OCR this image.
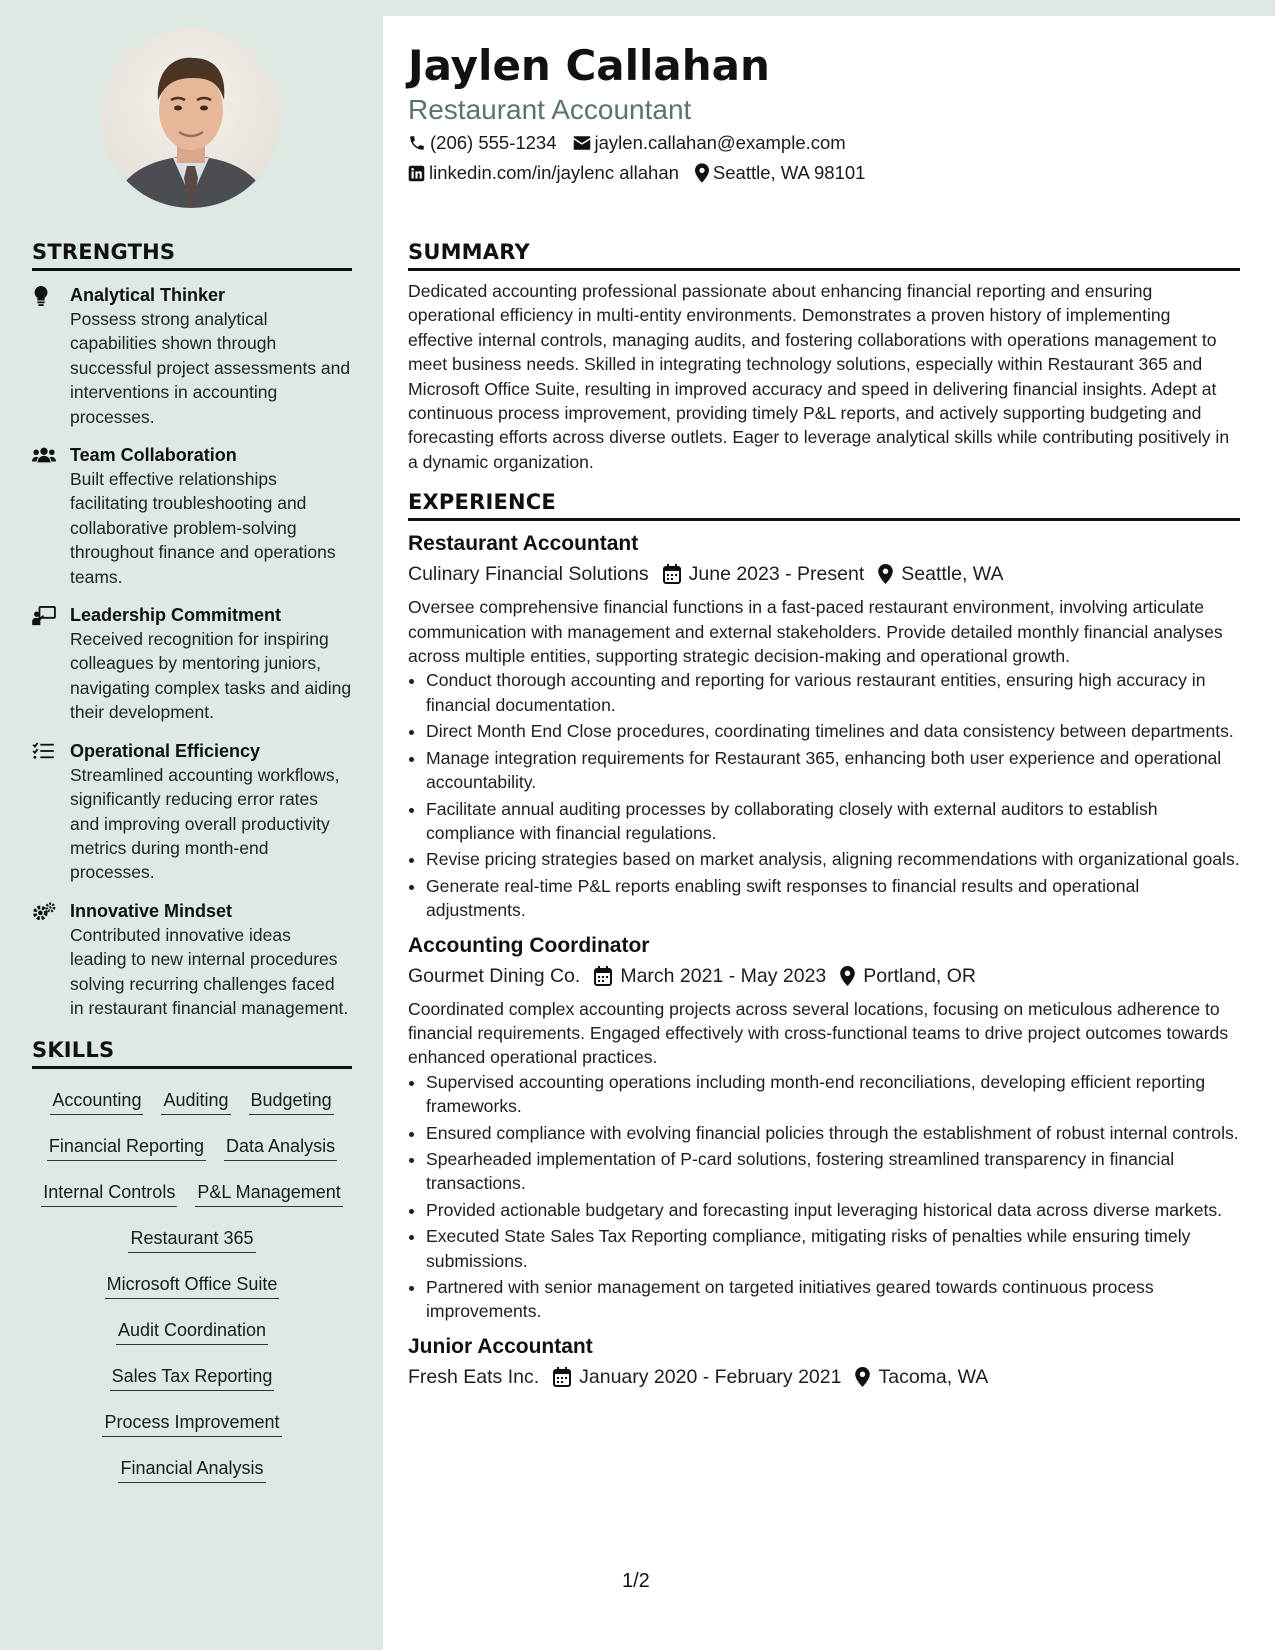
Jaylen Callahan

Restaurant Accountant

(206) 555-1234 jaylen.callahan@example.com
linkedin.com/in/jaylenc allahan Seattle, WA 98101
STRENGTHS
Analytical Thinker
Possess strong analytical capabilities shown through successful project assessments and interventions in accounting processes.
Team Collaboration
Built effective relationships facilitating troubleshooting and collaborative problem-solving throughout finance and operations teams.
Leadership Commitment
Received recognition for inspiring colleagues by mentoring juniors, navigating complex tasks and aiding their development.
Operational Efficiency
Streamlined accounting workflows, significantly reducing error rates and improving overall productivity metrics during month-end processes.
Innovative Mindset
Contributed innovative ideas leading to new internal procedures solving recurring challenges faced in restaurant financial management.
SKILLS
Accounting Auditing Budgeting
Financial Reporting Data Analysis
Internal Controls P&L Management
Restaurant 365
Microsoft Office Suite
Audit Coordination
Sales Tax Reporting
Process Improvement
Financial Analysis
SUMMARY

Dedicated accounting professional passionate about enhancing financial reporting and ensuring operational efficiency in multi-entity environments. Demonstrates a proven history of implementing effective internal controls, managing audits, and fostering collaborations with operations management to meet business needs. Skilled in integrating technology solutions, especially within Restaurant 365 and Microsoft Office Suite, resulting in improved accuracy and speed in delivering financial insights. Adept at continuous process improvement, providing timely P&L reports, and actively supporting budgeting and forecasting efforts across diverse outlets. Eager to leverage analytical skills while contributing positively in a dynamic organization.

EXPERIENCE
Restaurant Accountant
Culinary Financial Solutions June 2023 - Present Seattle, WA

Oversee comprehensive financial functions in a fast-paced restaurant environment, involving articulate communication with management and external stakeholders. Provide detailed monthly financial analyses across multiple entities, supporting strategic decision-making and operational growth.

• Conduct thorough accounting and reporting for various restaurant entities, ensuring high accuracy in financial documentation.
• Direct Month End Close procedures, coordinating timelines and data consistency between departments.
• Manage integration requirements for Restaurant 365, enhancing both user experience and operational accountability.
• Facilitate annual auditing processes by collaborating closely with external auditors to establish compliance with financial regulations.
• Revise pricing strategies based on market analysis, aligning recommendations with organizational goals.
• Generate real-time P&L reports enabling swift responses to financial results and operational adjustments.
Accounting Coordinator
Gourmet Dining Co. March 2021 - May 2023 Portland, OR

Coordinated complex accounting projects across several locations, focusing on meticulous adherence to financial requirements. Engaged effectively with cross-functional teams to drive project outcomes towards enhanced operational practices.

• Supervised accounting operations including month-end reconciliations, developing efficient reporting frameworks.
• Ensured compliance with evolving financial policies through the establishment of robust internal controls.
• Spearheaded implementation of P-card solutions, fostering streamlined transparency in financial transactions.
• Provided actionable budgetary and forecasting input leveraging historical data across diverse markets.
• Executed State Sales Tax Reporting compliance, mitigating risks of penalties while ensuring timely submissions.
• Partnered with senior management on targeted initiatives geared towards continuous process improvements.
Junior Accountant
Fresh Eats Inc. January 2020 - February 2021 Tacoma, WA
1/2
